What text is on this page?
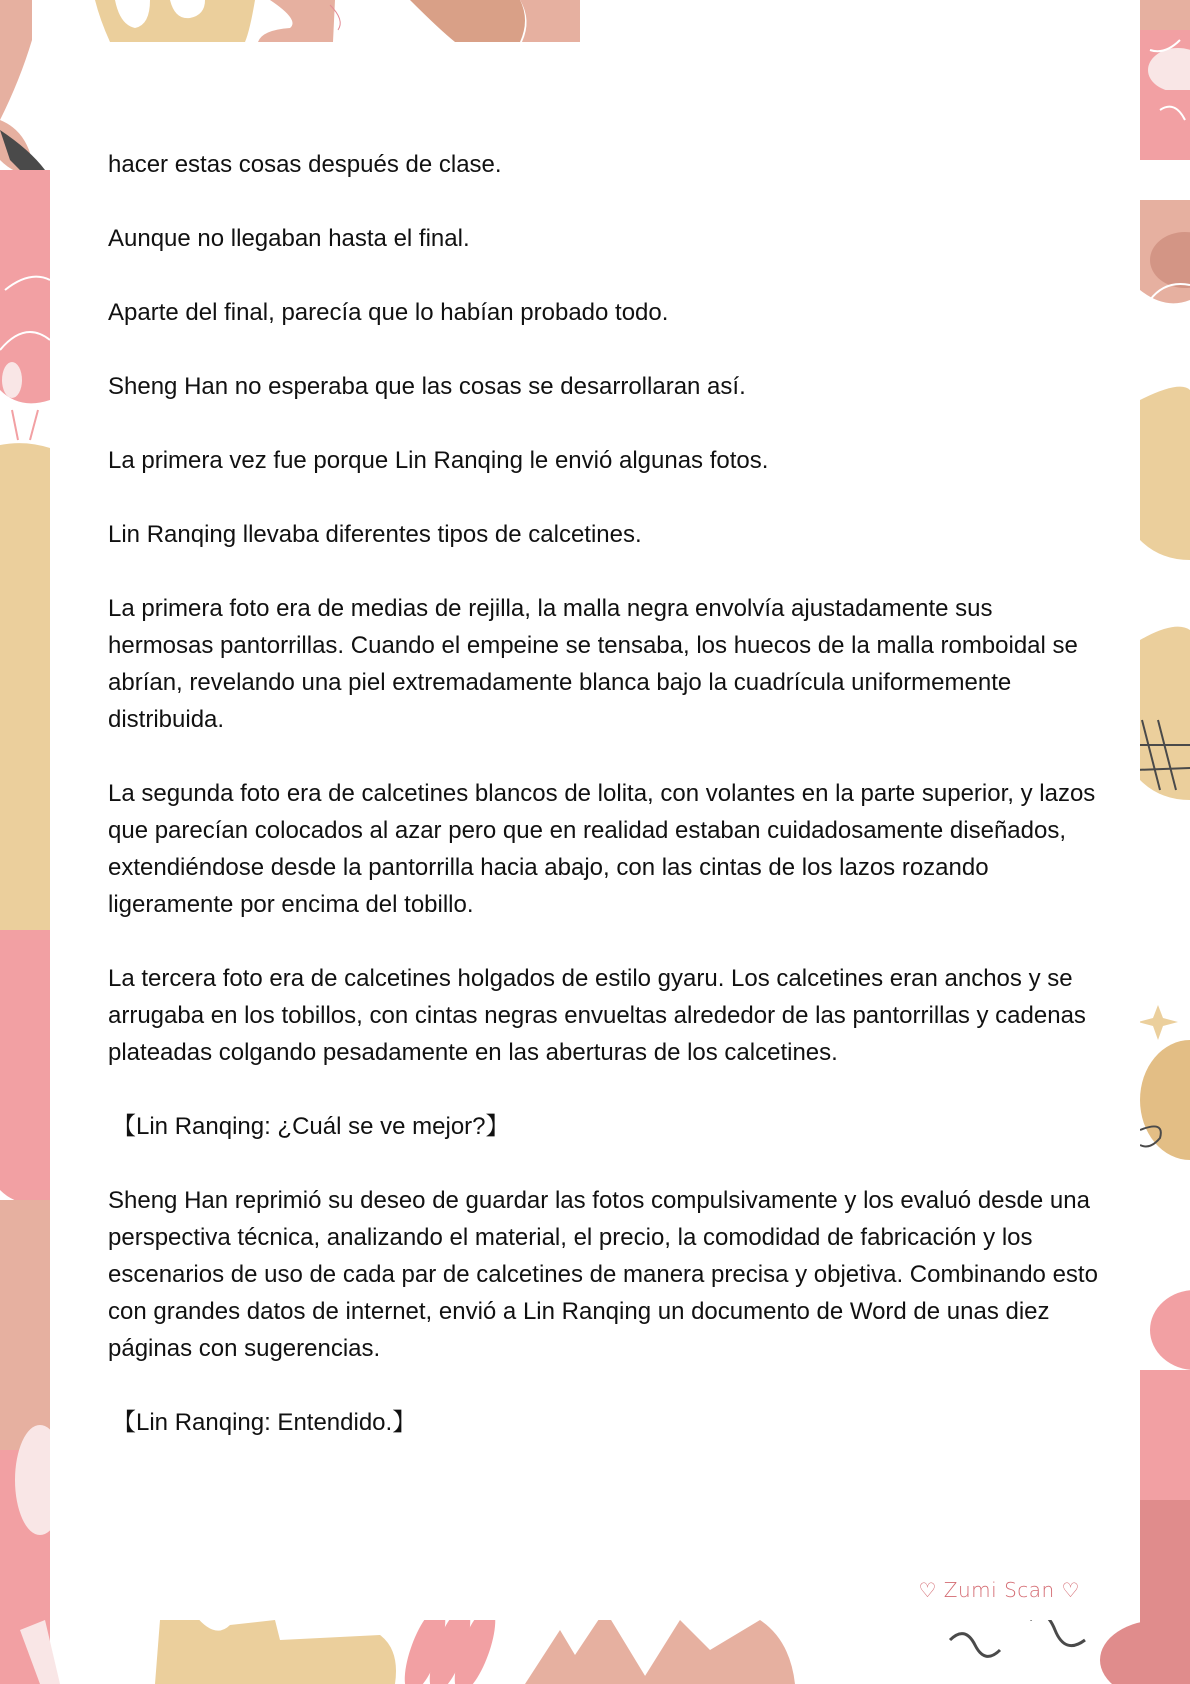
hacer estas cosas después de clase.

Aunque no llegaban hasta el final.

Aparte del final, parecía que lo habían probado todo.

Sheng Han no esperaba que las cosas se desarrollaran así.

La primera vez fue porque Lin Ranqing le envió algunas fotos.

Lin Ranqing llevaba diferentes tipos de calcetines.

La primera foto era de medias de rejilla, la malla negra envolvía ajustadamente sus hermosas pantorrillas. Cuando el empeine se tensaba, los huecos de la malla romboidal se abrían, revelando una piel extremadamente blanca bajo la cuadrícula uniformemente distribuida.

La segunda foto era de calcetines blancos de lolita, con volantes en la parte superior, y lazos que parecían colocados al azar pero que en realidad estaban cuidadosamente diseñados, extendiéndose desde la pantorrilla hacia abajo, con las cintas de los lazos rozando ligeramente por encima del tobillo.

La tercera foto era de calcetines holgados de estilo gyaru. Los calcetines eran anchos y se arrugaba en los tobillos, con cintas negras envueltas alrededor de las pantorrillas y cadenas plateadas colgando pesadamente en las aberturas de los calcetines.

【Lin Ranqing: ¿Cuál se ve mejor?】

Sheng Han reprimió su deseo de guardar las fotos compulsivamente y los evaluó desde una perspectiva técnica, analizando el material, el precio, la comodidad de fabricación y los escenarios de uso de cada par de calcetines de manera precisa y objetiva. Combinando esto con grandes datos de internet, envió a Lin Ranqing un documento de Word de unas diez páginas con sugerencias.

【Lin Ranqing: Entendido.】

♡ Zumi Scan ♡
